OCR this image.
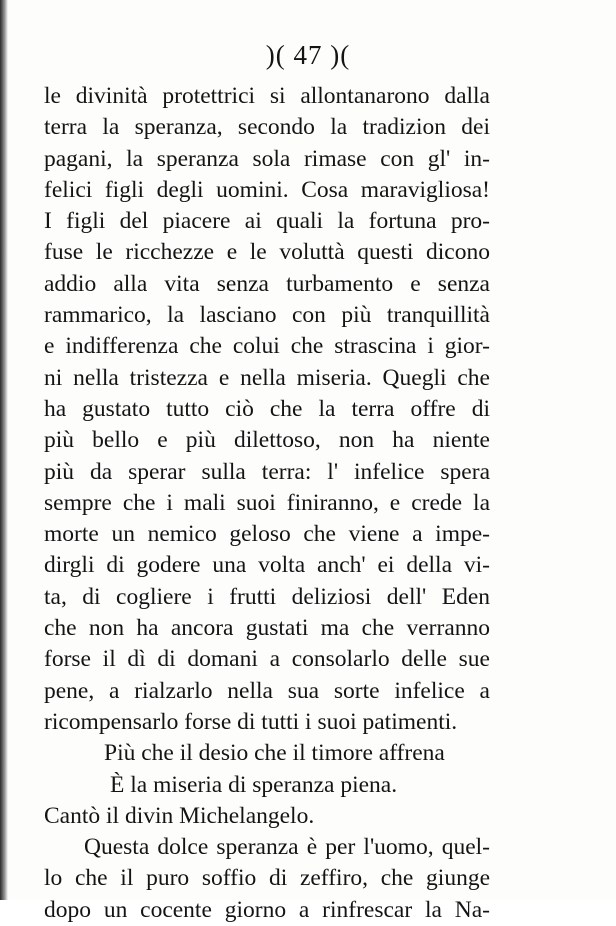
)( 47 )(
le divinità protettrici si allontanarono dalla
terra la speranza, secondo la tradizion dei
pagani, la speranza sola rimase con gl' in-
felici figli degli uomini. Cosa maravigliosa!
I figli del piacere ai quali la fortuna pro-
fuse le ricchezze e le voluttà questi dicono
addio alla vita senza turbamento e senza
rammarico, la lasciano con più tranquillità
e indifferenza che colui che strascina i gior-
ni nella tristezza e nella miseria. Quegli che
ha gustato tutto ciò che la terra offre di
più bello e più dilettoso, non ha niente
più da sperar sulla terra: l' infelice spera
sempre che i mali suoi finiranno, e crede la
morte un nemico geloso che viene a impe-
dirgli di godere una volta anch' ei della vi-
ta, di cogliere i frutti deliziosi dell' Eden
che non ha ancora gustati ma che verranno
forse il dì di domani a consolarlo delle sue
pene, a rialzarlo nella sua sorte infelice a
ricompensarlo forse di tutti i suoi patimenti.
Più che il desio che il timore affrena
È la miseria di speranza piena.
Cantò il divin Michelangelo.
Questa dolce speranza è per l'uomo, quel-
lo che il puro soffio di zeffiro, che giunge
dopo un cocente giorno a rinfrescar la Na-
